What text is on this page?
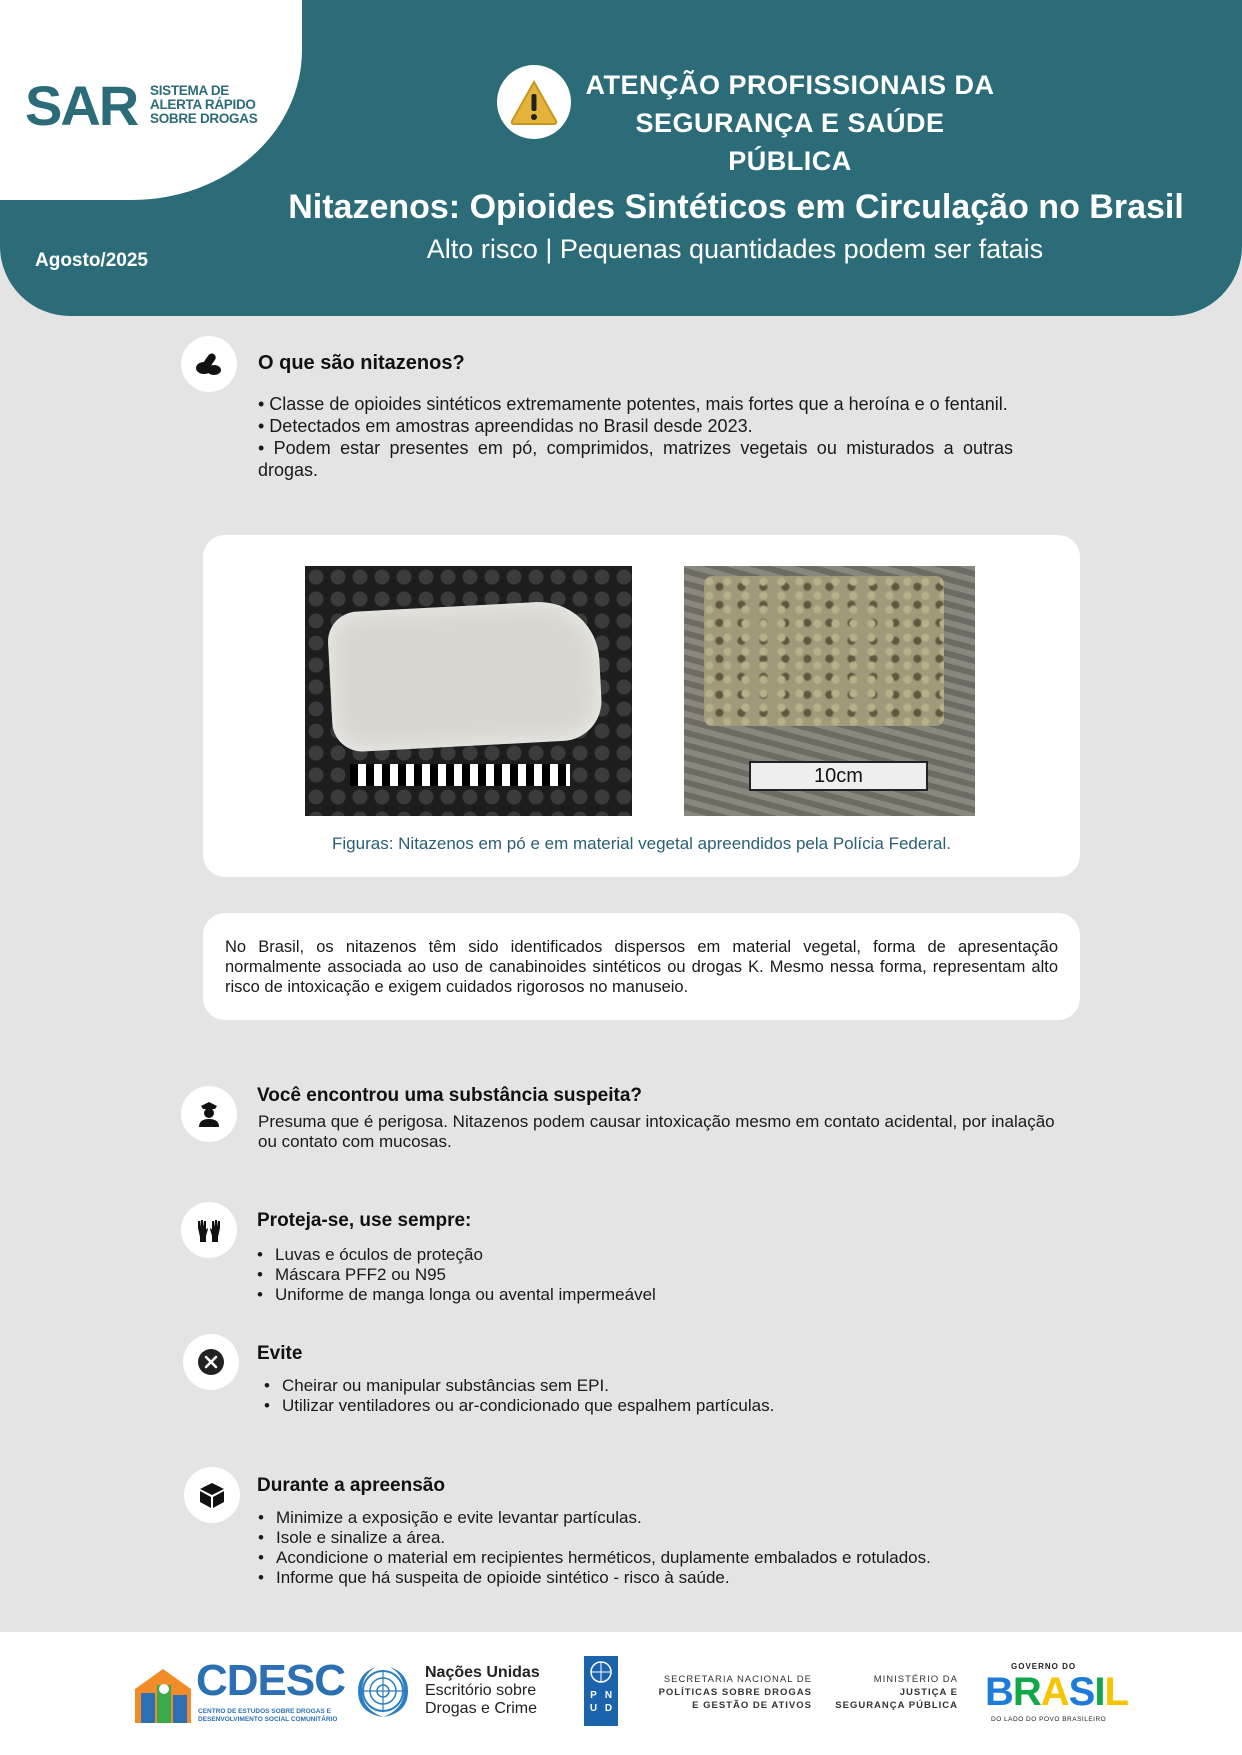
SAR SISTEMA DE
ALERTA RÁPIDO
SOBRE DROGAS
Agosto/2025
ATENÇÃO PROFISSIONAIS DA
SEGURANÇA E SAÚDE PÚBLICA
Nitazenos: Opioides Sintéticos em Circulação no Brasil
Alto risco | Pequenas quantidades podem ser fatais
O que são nitazenos?

• Classe de opioides sintéticos extremamente potentes, mais fortes que a heroína e o fentanil.

• Detectados em amostras apreendidas no Brasil desde 2023.

• Podem estar presentes em pó, comprimidos, matrizes vegetais ou misturados a outras drogas.

10cm
Figuras: Nitazenos em pó e em material vegetal apreendidos pela Polícia Federal.
No Brasil, os nitazenos têm sido identificados dispersos em material vegetal, forma de apresentação normalmente associada ao uso de canabinoides sintéticos ou drogas K. Mesmo nessa forma, representam alto risco de intoxicação e exigem cuidados rigorosos no manuseio.
Você encontrou uma substância suspeita?
Presuma que é perigosa. Nitazenos podem causar intoxicação mesmo em contato acidental, por inalação ou contato com mucosas.
Proteja-se, use sempre:
• Luvas e óculos de proteção
• Máscara PFF2 ou N95
• Uniforme de manga longa ou avental impermeável
Evite
• Cheirar ou manipular substâncias sem EPI.
• Utilizar ventiladores ou ar-condicionado que espalhem partículas.
Durante a apreensão
• Minimize a exposição e evite levantar partículas.
• Isole e sinalize a área.
• Acondicione o material em recipientes herméticos, duplamente embalados e rotulados.
• Informe que há suspeita de opioide sintético - risco à saúde.
CDESC
CENTRO DE ESTUDOS SOBRE DROGAS E
DESENVOLVIMENTO SOCIAL COMUNITÁRIO
Nações Unidas
Escritório sobre
Drogas e Crime
P N
U D
SECRETARIA NACIONAL DE
POLÍTICAS SOBRE DROGAS
E GESTÃO DE ATIVOS
MINISTÉRIO DA
JUSTIÇA E
SEGURANÇA PÚBLICA
GOVERNO DO
BRASIL
DO LADO DO POVO BRASILEIRO
